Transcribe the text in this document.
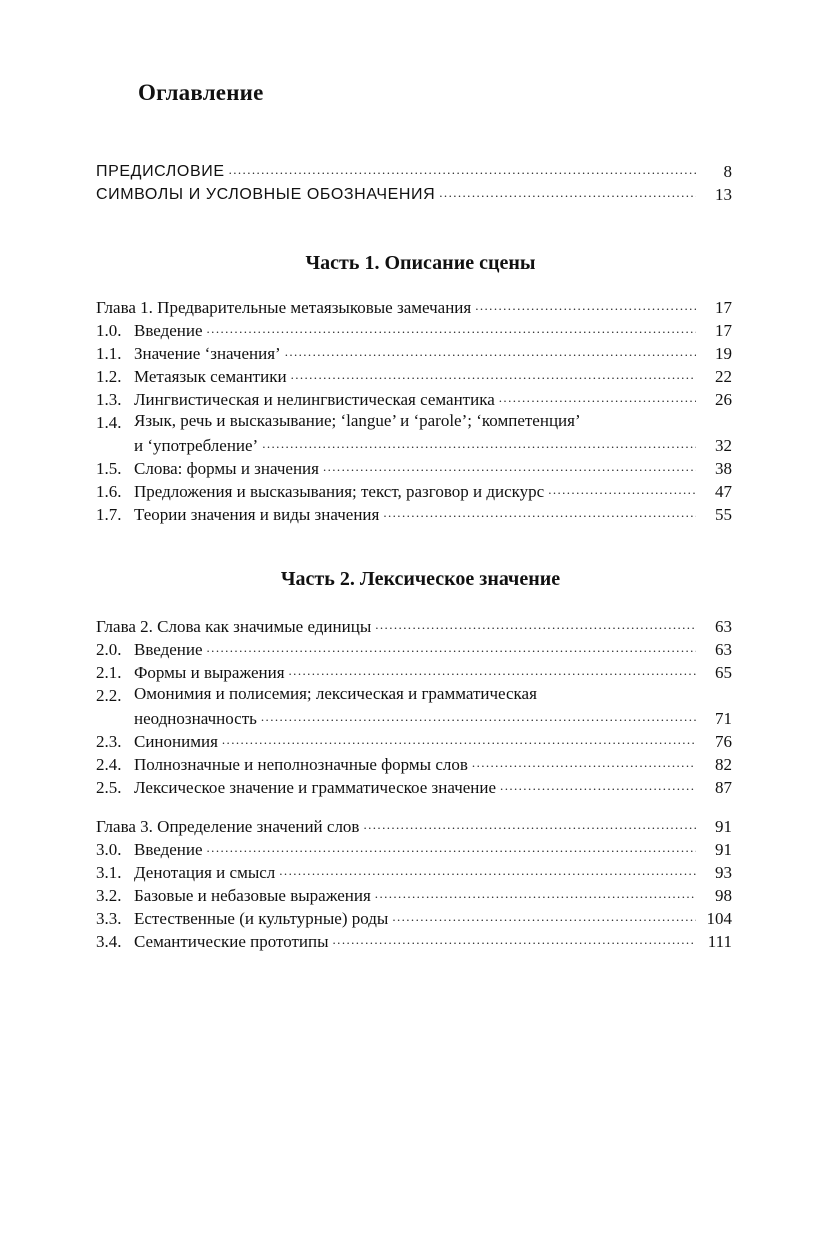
Оглавление
ПРЕДИСЛОВИЕ .....	8
СИМВОЛЫ И УСЛОВНЫЕ ОБОЗНАЧЕНИЯ .....	13
Часть 1. Описание сцены
Глава 1. Предварительные метаязыковые замечания .....	17
1.0. Введение .....	17
1.1. Значение ‘значения’ .....	19
1.2. Метаязык семантики .....	22
1.3. Лингвистическая и нелингвистическая семантика .....	26
1.4. Язык, речь и высказывание; ‘langue’ и ‘parole’; ‘компетенция’
и ‘употребление’ .....	32
1.5. Слова: формы и значения .....	38
1.6. Предложения и высказывания; текст, разговор и дискурс .....	47
1.7. Теории значения и виды значения .....	55
Часть 2. Лексическое значение
Глава 2. Слова как значимые единицы .....	63
2.0. Введение .....	63
2.1. Формы и выражения .....	65
2.2. Омонимия и полисемия; лексическая и грамматическая
неоднозначность .....	71
2.3. Синонимия .....	76
2.4. Полнозначные и неполнозначные формы слов .....	82
2.5. Лексическое значение и грамматическое значение .....	87
Глава 3. Определение значений слов .....	91
3.0. Введение .....	91
3.1. Денотация и смысл .....	93
3.2. Базовые и небазовые выражения .....	98
3.3. Естественные (и культурные) роды .....	104
3.4. Семантические прототипы .....	111
